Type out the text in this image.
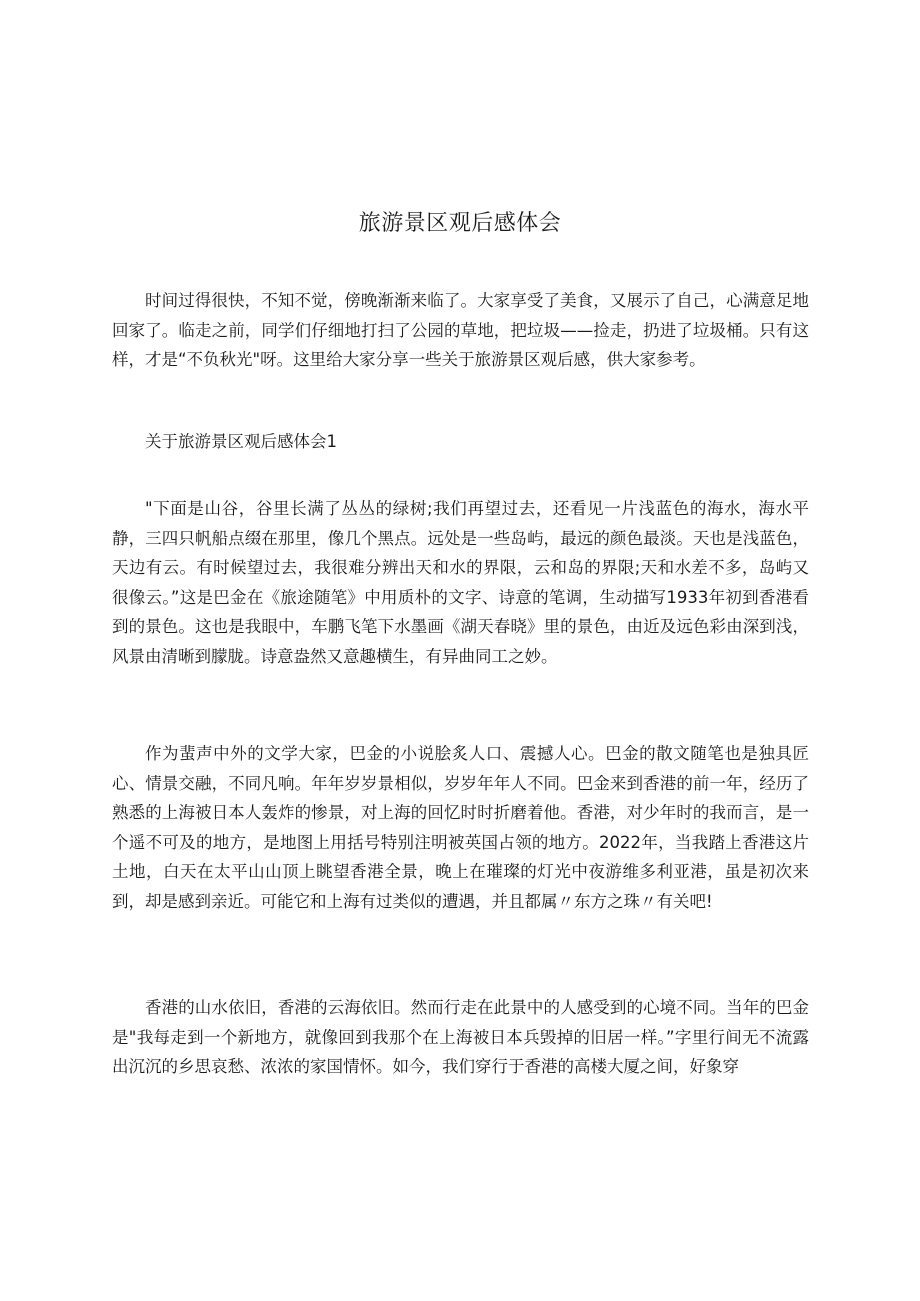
旅游景区观后感体会

时间过得很快，不知不觉，傍晚渐渐来临了。大家享受了美食，又展示了自己，心满意足地回家了。临走之前，同学们仔细地打扫了公园的草地，把垃圾——捡走，扔进了垃圾桶。只有这样，才是“不负秋光"呀。这里给大家分享一些关于旅游景区观后感，供大家参考。

关于旅游景区观后感体会1

"下面是山谷，谷里长满了丛丛的绿树;我们再望过去，还看见一片浅蓝色的海水，海水平静，三四只帆船点缀在那里，像几个黑点。远处是一些岛屿，最远的颜色最淡。天也是浅蓝色，天边有云。有时候望过去，我很难分辨出天和水的界限，云和岛的界限;天和水差不多，岛屿又很像云。”这是巴金在《旅途随笔》中用质朴的文字、诗意的笔调，生动描写1933年初到香港看到的景色。这也是我眼中，车鹏飞笔下水墨画《湖天春晓》里的景色，由近及远色彩由深到浅，风景由清晰到朦胧。诗意盎然又意趣横生，有异曲同工之妙。

作为蜚声中外的文学大家，巴金的小说脍炙人口、震撼人心。巴金的散文随笔也是独具匠心、情景交融，不同凡响。年年岁岁景相似，岁岁年年人不同。巴金来到香港的前一年，经历了熟悉的上海被日本人轰炸的惨景，对上海的回忆时时折磨着他。香港，对少年时的我而言，是一个遥不可及的地方，是地图上用括号特别注明被英国占领的地方。2022年，当我踏上香港这片土地，白天在太平山山顶上眺望香港全景，晚上在璀璨的灯光中夜游维多利亚港，虽是初次来到，却是感到亲近。可能它和上海有过类似的遭遇，并且都属〃东方之珠〃有关吧!

香港的山水依旧，香港的云海依旧。然而行走在此景中的人感受到的心境不同。当年的巴金是"我每走到一个新地方，就像回到我那个在上海被日本兵毁掉的旧居一样。”字里行间无不流露出沉沉的乡思哀愁、浓浓的家国情怀。如今，我们穿行于香港的高楼大厦之间，好象穿
